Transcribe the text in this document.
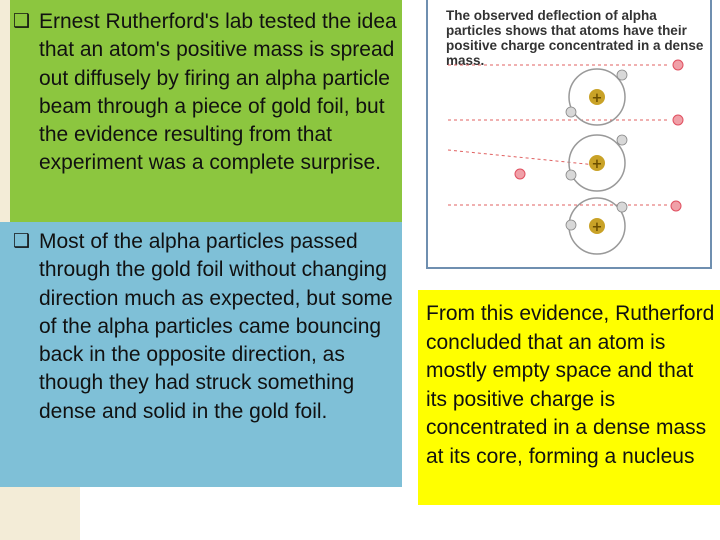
❑ Ernest Rutherford's lab tested the idea that an atom's positive mass is spread out diffusely by firing an alpha particle beam through a piece of gold foil, but the evidence resulting from that experiment was a complete surprise.
❑ Most of the alpha particles passed through the gold foil without changing direction much as expected, but some of the alpha particles came bouncing back in the opposite direction, as though they had struck something dense and solid in the gold foil.
The observed deflection of alpha particles shows that atoms have their positive charge concentrated in a dense mass.
+
+
+
From this evidence, Rutherford concluded that an atom is mostly empty space and that its positive charge is concentrated in a dense mass at its core, forming a nucleus
